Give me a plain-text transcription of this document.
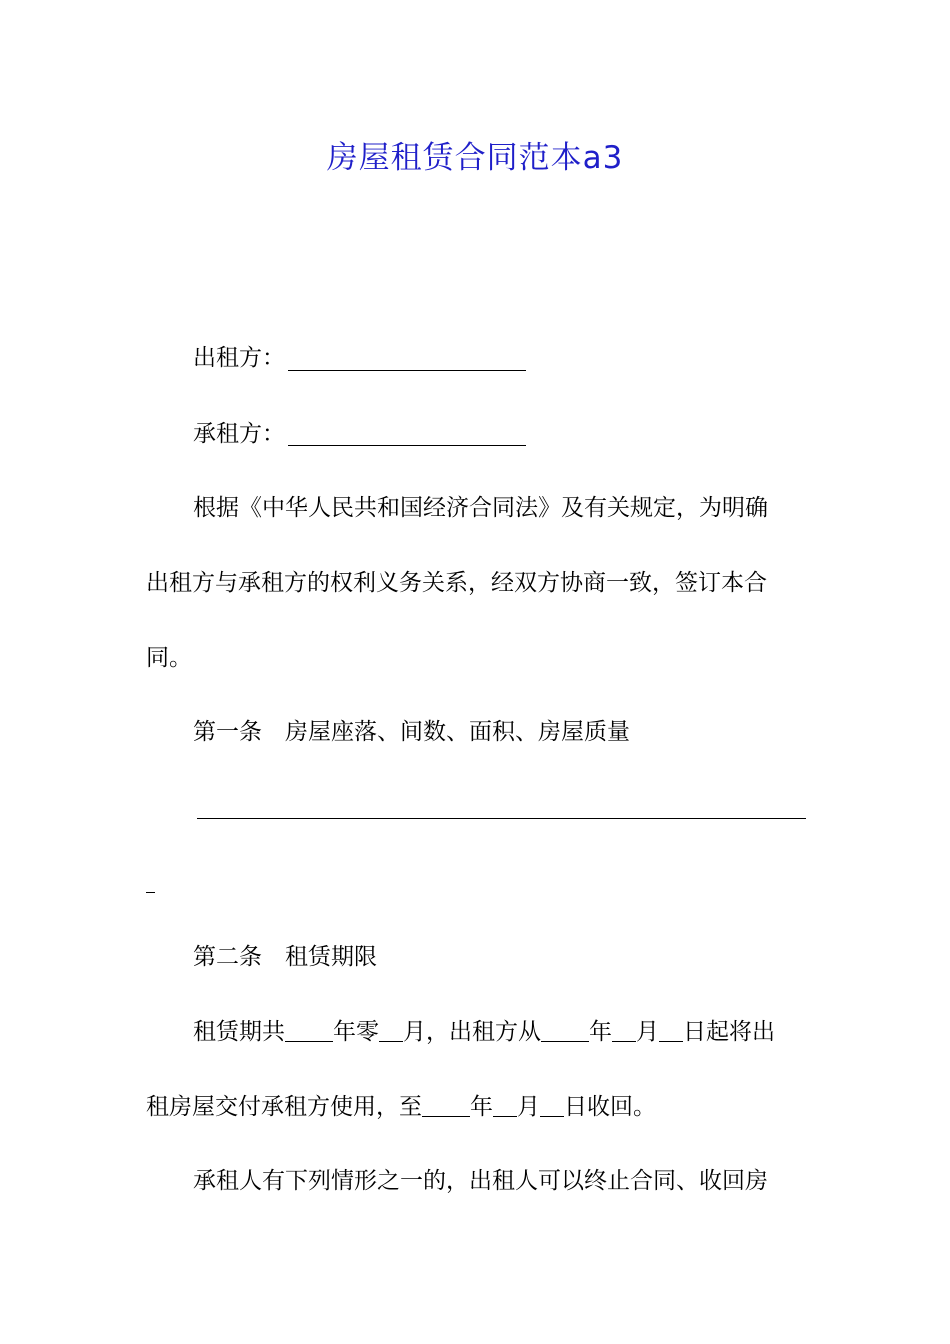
房屋租赁合同范本a3

出租方：

承租方：

根据《中华人民共和国经济合同法》及有关规定，为明确

出租方与承租方的权利义务关系，经双方协商一致，签订本合

同。

第一条　房屋座落、间数、面积、房屋质量

第二条　租赁期限

租赁期共 年零 月，出租方从 年 月 日起将出

租房屋交付承租方使用，至 年 月 日收回。

承租人有下列情形之一的，出租人可以终止合同、收回房
